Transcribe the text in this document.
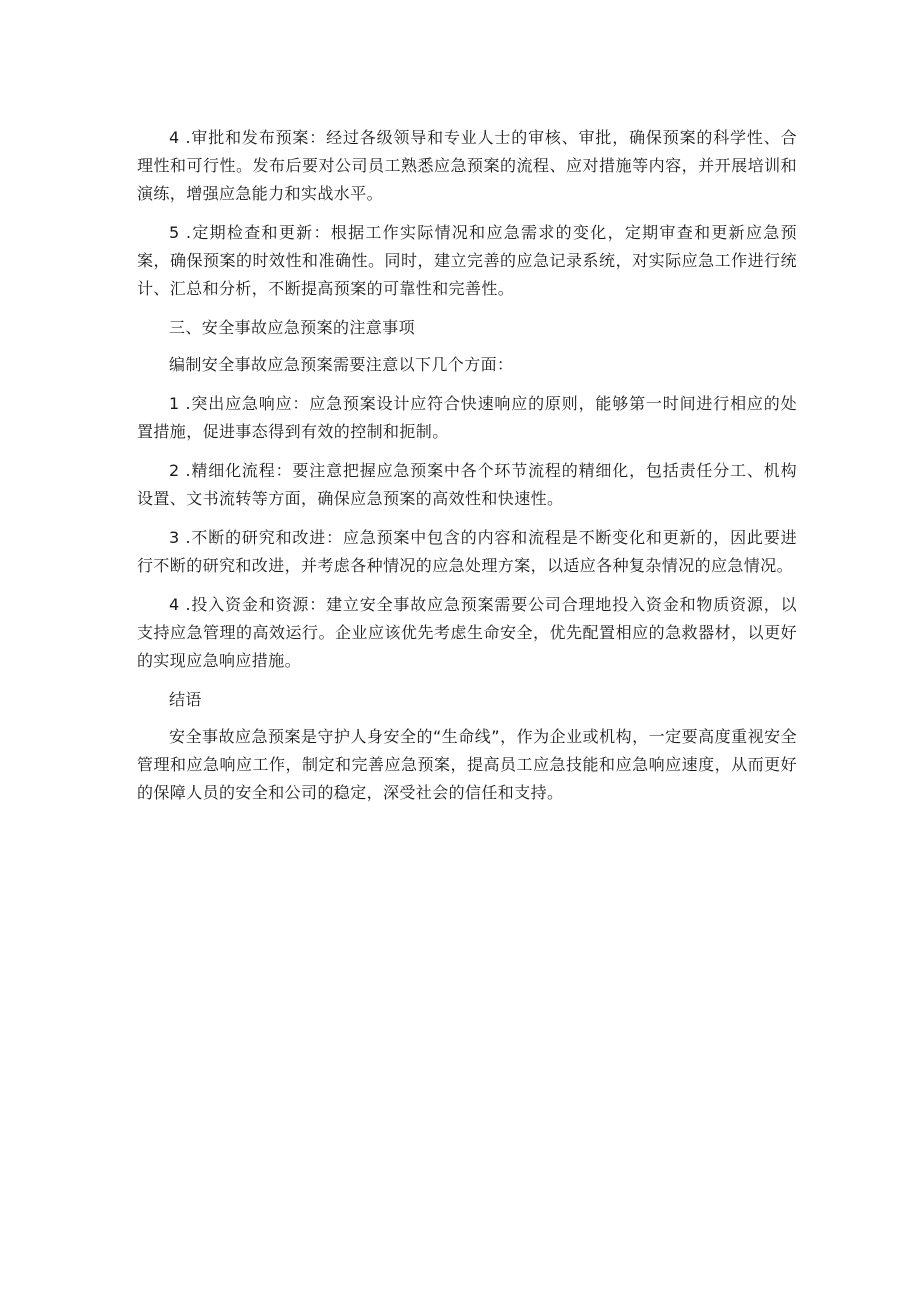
4 .审批和发布预案：经过各级领导和专业人士的审核、审批，确保预案的科学性、合理性和可行性。发布后要对公司员工熟悉应急预案的流程、应对措施等内容，并开展培训和演练，增强应急能力和实战水平。

5 .定期检查和更新：根据工作实际情况和应急需求的变化，定期审查和更新应急预案，确保预案的时效性和准确性。同时，建立完善的应急记录系统，对实际应急工作进行统计、汇总和分析，不断提高预案的可靠性和完善性。

三、安全事故应急预案的注意事项

编制安全事故应急预案需要注意以下几个方面：

1 .突出应急响应：应急预案设计应符合快速响应的原则，能够第一时间进行相应的处置措施，促进事态得到有效的控制和扼制。

2 .精细化流程：要注意把握应急预案中各个环节流程的精细化，包括责任分工、机构设置、文书流转等方面，确保应急预案的高效性和快速性。

3 .不断的研究和改进：应急预案中包含的内容和流程是不断变化和更新的，因此要进行不断的研究和改进，并考虑各种情况的应急处理方案，以适应各种复杂情况的应急情况。

4 .投入资金和资源：建立安全事故应急预案需要公司合理地投入资金和物质资源，以支持应急管理的高效运行。企业应该优先考虑生命安全，优先配置相应的急救器材，以更好的实现应急响应措施。

结语

安全事故应急预案是守护人身安全的“生命线”，作为企业或机构，一定要高度重视安全管理和应急响应工作，制定和完善应急预案，提高员工应急技能和应急响应速度，从而更好的保障人员的安全和公司的稳定，深受社会的信任和支持。
